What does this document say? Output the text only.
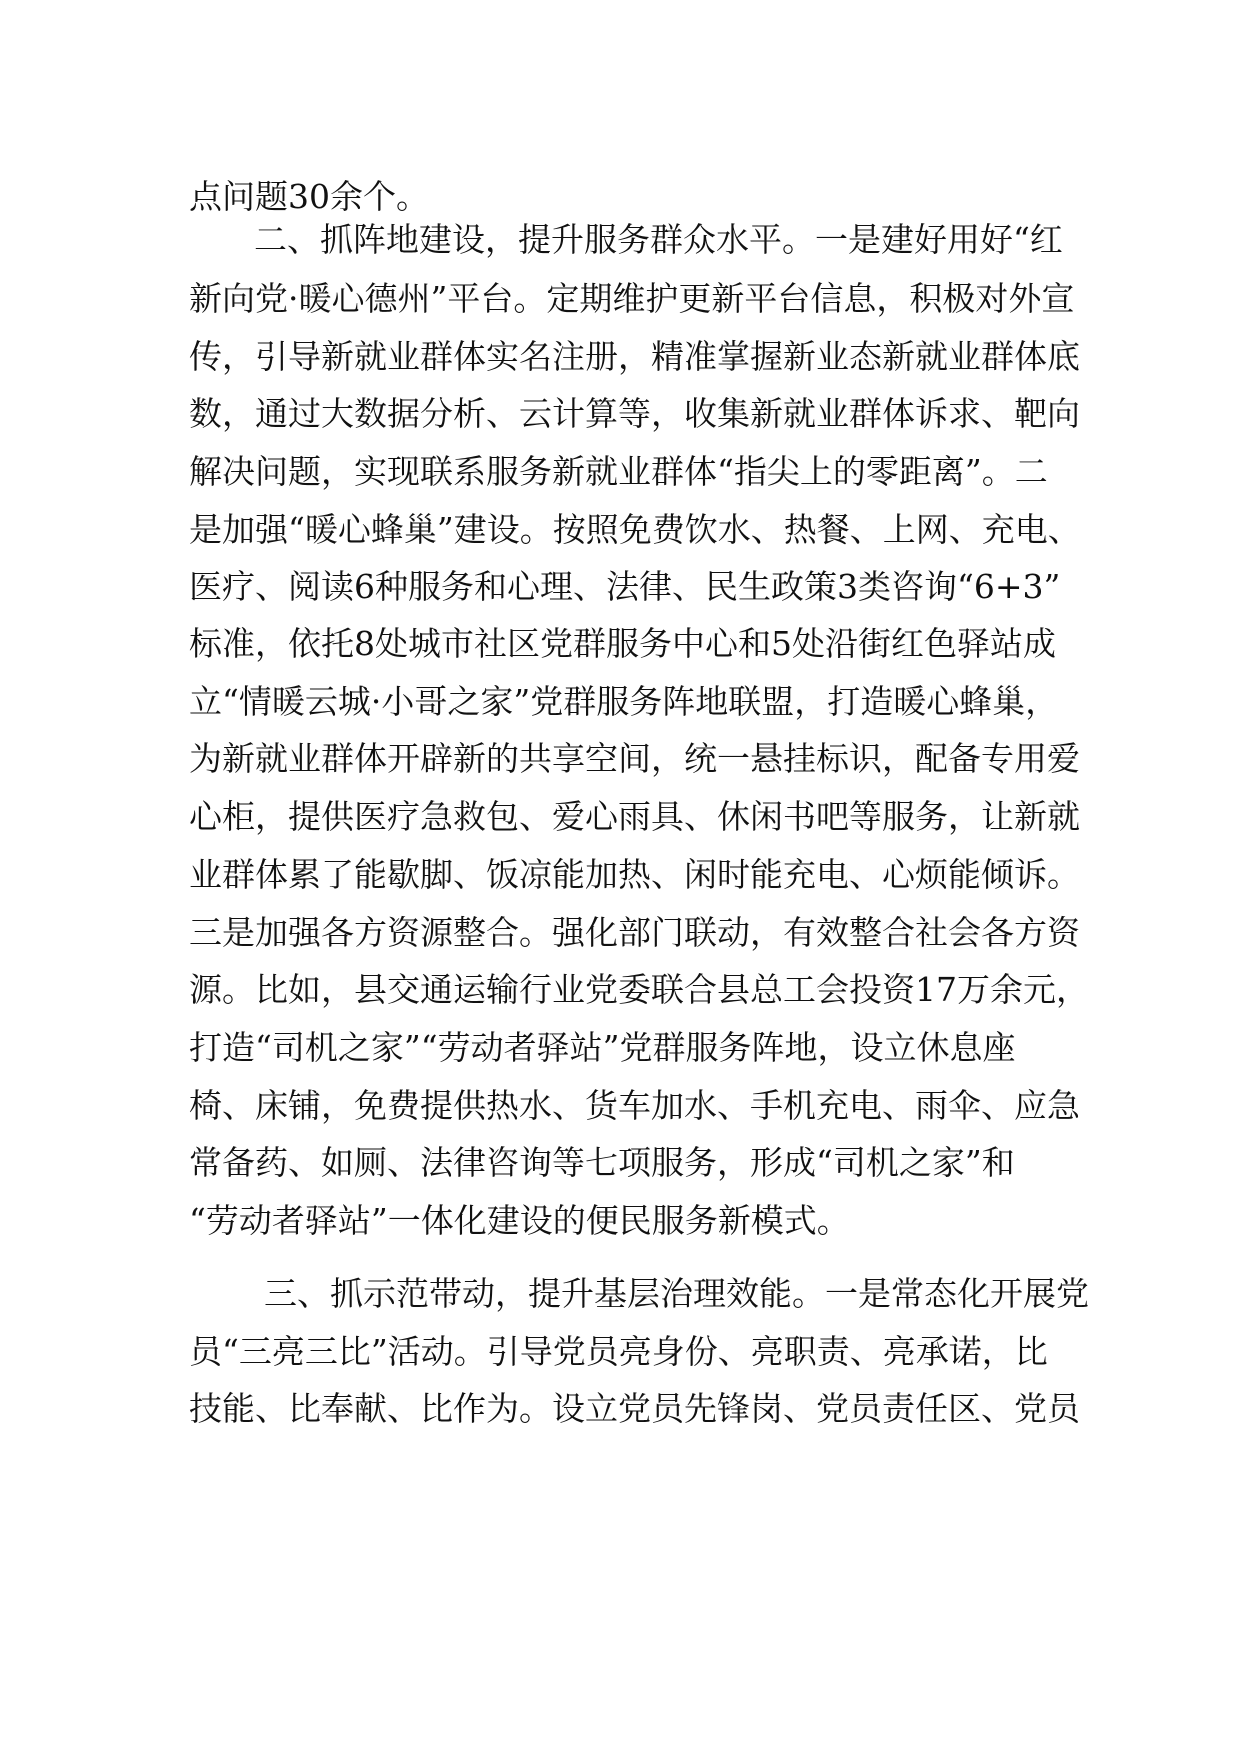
点问题30余个。
二、抓阵地建设，提升服务群众水平。一是建好用好“红
新向党·暖心德州”平台。定期维护更新平台信息，积极对外宣
传，引导新就业群体实名注册，精准掌握新业态新就业群体底
数，通过大数据分析、云计算等，收集新就业群体诉求、靶向
解决问题，实现联系服务新就业群体“指尖上的零距离”。二
是加强“暖心蜂巢”建设。按照免费饮水、热餐、上网、充电、
医疗、阅读6种服务和心理、法律、民生政策3类咨询“6+3”
标准，依托8处城市社区党群服务中心和5处沿街红色驿站成
立“情暖云城·小哥之家”党群服务阵地联盟，打造暖心蜂巢，
为新就业群体开辟新的共享空间，统一悬挂标识，配备专用爱
心柜，提供医疗急救包、爱心雨具、休闲书吧等服务，让新就
业群体累了能歇脚、饭凉能加热、闲时能充电、心烦能倾诉。
三是加强各方资源整合。强化部门联动，有效整合社会各方资
源。比如，县交通运输行业党委联合县总工会投资17万余元，
打造“司机之家”“劳动者驿站”党群服务阵地，设立休息座
椅、床铺，免费提供热水、货车加水、手机充电、雨伞、应急
常备药、如厕、法律咨询等七项服务，形成“司机之家”和
“劳动者驿站”一体化建设的便民服务新模式。
三、抓示范带动，提升基层治理效能。一是常态化开展党
员“三亮三比”活动。引导党员亮身份、亮职责、亮承诺，比
技能、比奉献、比作为。设立党员先锋岗、党员责任区、党员
